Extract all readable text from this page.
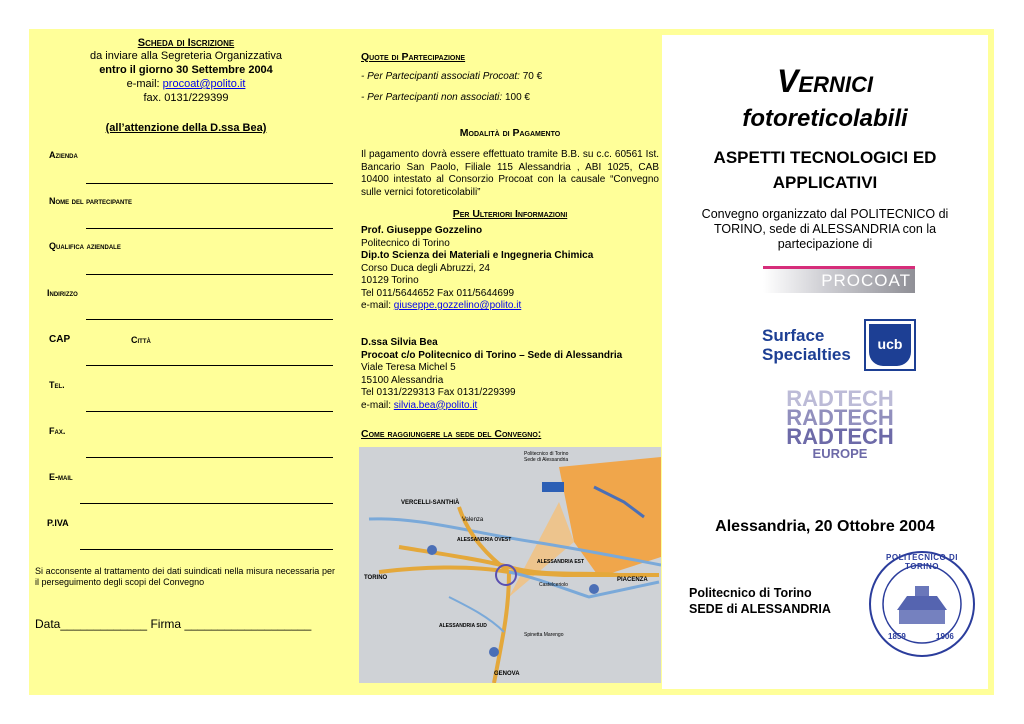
Scheda di Iscrizione
da inviare alla Segreteria Organizzativa
entro il giorno 30 Settembre 2004
e-mail: procoat@polito.it
fax. 0131/229399
(all’attenzione della D.ssa Bea)
Azienda
Nome del partecipante
Qualifica aziendale
Indirizzo
CAP	Città
Tel.
Fax.
E-mail
P.IVA
Si acconsente al trattamento dei dati suindicati nella misura necessaria per il perseguimento degli scopi del Convegno
Data_____________ Firma ___________________
Quote di Partecipazione
- Per Partecipanti associati Procoat: 70 €
- Per Partecipanti non associati: 100 €
Modalità di Pagamento
Il pagamento dovrà essere effettuato tramite B.B. su c.c. 60561 Ist. Bancario San Paolo, Filiale 115 Alessandria , ABI 1025, CAB 10400 intestato al Consorzio Procoat con la causale “Convegno sulle vernici fotoreticolabili”
Per Ulteriori Informazioni
Prof. Giuseppe Gozzelino
Politecnico di Torino
Dip.to Scienza dei Materiali e Ingegneria Chimica
Corso Duca degli Abruzzi, 24
10129 Torino
Tel 011/5644652 Fax 011/5644699
e-mail: giuseppe.gozzelino@polito.it
D.ssa Silvia Bea
Procoat c/o Politecnico di Torino – Sede di Alessandria
Viale Teresa Michel 5
15100 Alessandria
Tel 0131/229313 Fax 0131/229399
e-mail: silvia.bea@polito.it
Come raggiungere la sede del Convegno:
Politecnico di Torino
Sede di Alessandria
VERCELLI-SANTHIÀ
Valenza
ALESSANDRIA OVEST
ALESSANDRIA EST
TORINO	PIACENZA
Castelceriolo
Spinetta Marengo
ALESSANDRIA SUD
GENOVA
Vernici
fotoreticolabili
ASPETTI TECNOLOGICI ED
APPLICATIVI
Convegno organizzato dal POLITECNICO di
TORINO, sede di ALESSANDRIA con la
partecipazione di
PROCOAT
Surface
Specialties
ucb
RADTECH
RADTECH
RADTECH
EUROPE
Alessandria, 20 Ottobre 2004
Politecnico di Torino
SEDE di ALESSANDRIA
POLITECNICO DI TORINO
1859	1906
